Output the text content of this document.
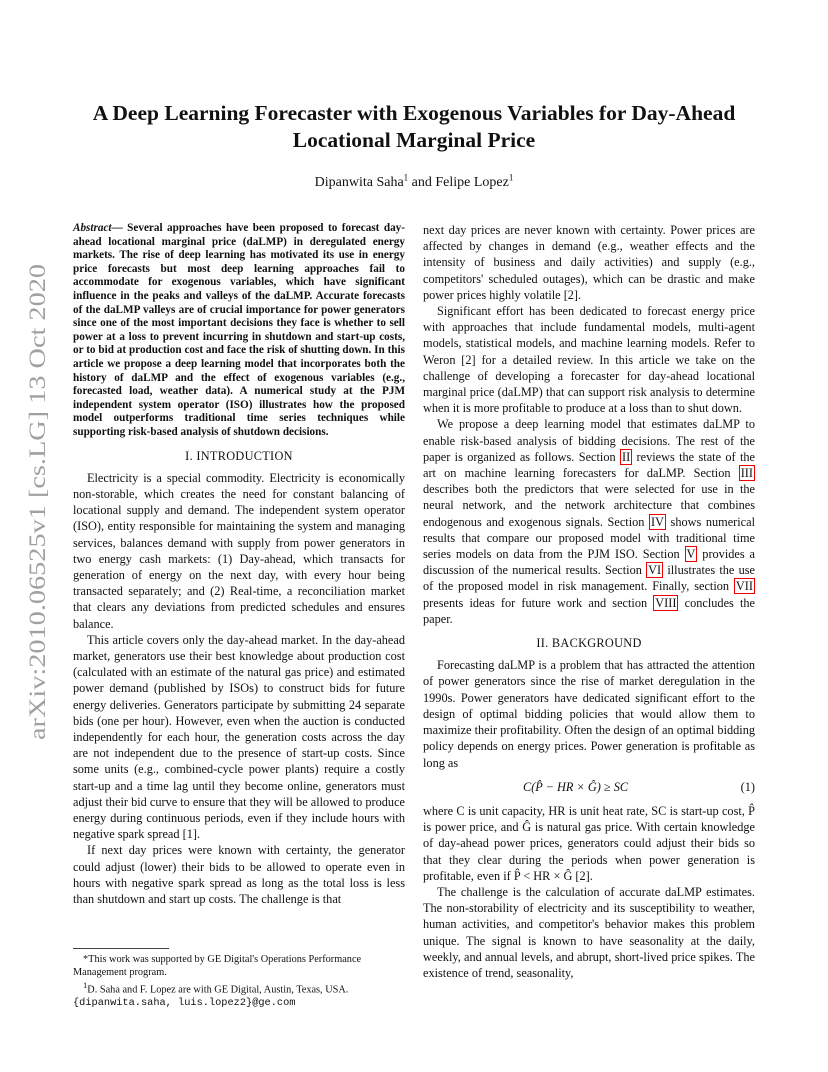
arXiv:2010.06525v1 [cs.LG] 13 Oct 2020
A Deep Learning Forecaster with Exogenous Variables for Day-Ahead
Locational Marginal Price
Dipanwita Saha$^1$ and Felipe Lopez$^1$
Abstract— Several approaches have been proposed to forecast day-ahead locational marginal price (daLMP) in deregulated energy markets. The rise of deep learning has motivated its use in energy price forecasts but most deep learning approaches fail to accommodate for exogenous variables, which have significant influence in the peaks and valleys of the daLMP. Accurate forecasts of the daLMP valleys are of crucial importance for power generators since one of the most important decisions they face is whether to sell power at a loss to prevent incurring in shutdown and start-up costs, or to bid at production cost and face the risk of shutting down. In this article we propose a deep learning model that incorporates both the history of daLMP and the effect of exogenous variables (e.g., forecasted load, weather data). A numerical study at the PJM independent system operator (ISO) illustrates how the proposed model outperforms traditional time series techniques while supporting risk-based analysis of shutdown decisions.
I. INTRODUCTION

Electricity is a special commodity. Electricity is economically non-storable, which creates the need for constant balancing of locational supply and demand. The independent system operator (ISO), entity responsible for maintaining the system and managing services, balances demand with supply from power generators in two energy cash markets: (1) Day-ahead, which transacts for generation of energy on the next day, with every hour being transacted separately; and (2) Real-time, a reconciliation market that clears any deviations from predicted schedules and ensures balance.

This article covers only the day-ahead market. In the day-ahead market, generators use their best knowledge about production cost (calculated with an estimate of the natural gas price) and estimated power demand (published by ISOs) to construct bids for future energy deliveries. Generators participate by submitting 24 separate bids (one per hour). However, even when the auction is conducted independently for each hour, the generation costs across the day are not independent due to the presence of start-up costs. Since some units (e.g., combined-cycle power plants) require a costly start-up and a time lag until they become online, generators must adjust their bid curve to ensure that they will be allowed to produce energy during continuous periods, even if they include hours with negative spark spread [1].

If next day prices were known with certainty, the generator could adjust (lower) their bids to be allowed to operate even in hours with negative spark spread as long as the total loss is less than shutdown and start up costs. The challenge is that

*This work was supported by GE Digital's Operations Performance Management program.

$^1$D. Saha and F. Lopez are with GE Digital, Austin, Texas, USA.

{dipanwita.saha, luis.lopez2}@ge.com

next day prices are never known with certainty. Power prices are affected by changes in demand (e.g., weather effects and the intensity of business and daily activities) and supply (e.g., competitors' scheduled outages), which can be drastic and make power prices highly volatile [2].

Significant effort has been dedicated to forecast energy price with approaches that include fundamental models, multi-agent models, statistical models, and machine learning models. Refer to Weron [2] for a detailed review. In this article we take on the challenge of developing a forecaster for day-ahead locational marginal price (daLMP) that can support risk analysis to determine when it is more profitable to produce at a loss than to shut down.

We propose a deep learning model that estimates daLMP to enable risk-based analysis of bidding decisions. The rest of the paper is organized as follows. Section II reviews the state of the art on machine learning forecasters for daLMP. Section III describes both the predictors that were selected for use in the neural network, and the network architecture that combines endogenous and exogenous signals. Section IV shows numerical results that compare our proposed model with traditional time series models on data from the PJM ISO. Section V provides a discussion of the numerical results. Section VI illustrates the use of the proposed model in risk management. Finally, section VII presents ideas for future work and section VIII concludes the paper.

II. BACKGROUND

Forecasting daLMP is a problem that has attracted the attention of power generators since the rise of market deregulation in the 1990s. Power generators have dedicated significant effort to the design of optimal bidding policies that would allow them to maximize their profitability. Often the design of an optimal bidding policy depends on energy prices. Power generation is profitable as long as

C(P̂ − HR × Ĝ) ≥ SC	(1)

where C is unit capacity, HR is unit heat rate, SC is start-up cost, P̂ is power price, and Ĝ is natural gas price. With certain knowledge of day-ahead power prices, generators could adjust their bids so that they clear during the periods when power generation is profitable, even if P̂ < HR × Ĝ [2].

The challenge is the calculation of accurate daLMP estimates. The non-storability of electricity and its susceptibility to weather, human activities, and competitor's behavior makes this problem unique. The signal is known to have seasonality at the daily, weekly, and annual levels, and abrupt, short-lived price spikes. The existence of trend, seasonality,
